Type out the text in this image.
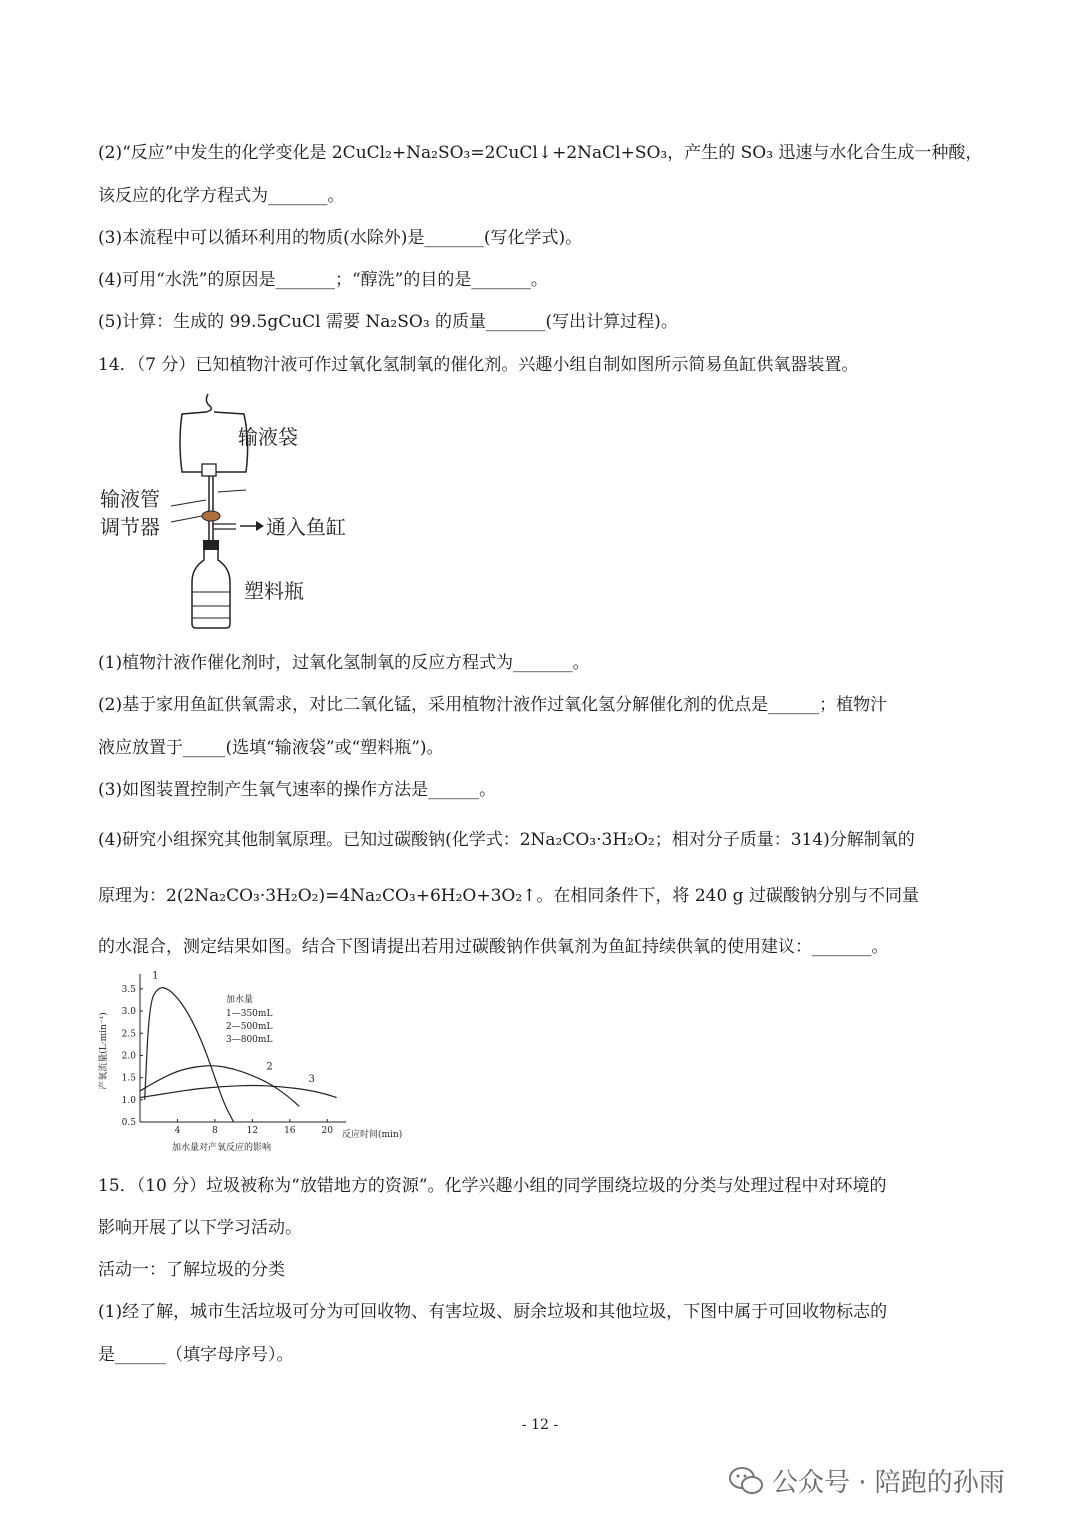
(2)“反应”中发生的化学变化是 2CuCl₂+Na₂SO₃=2CuCl↓+2NaCl+SO₃，产生的 SO₃ 迅速与水化合生成一种酸，
该反应的化学方程式为_______。
(3)本流程中可以循环利用的物质(水除外)是_______(写化学式)。
(4)可用“水洗”的原因是_______；“醇洗”的目的是_______。
(5)计算：生成的 99.5gCuCl 需要 Na₂SO₃ 的质量_______(写出计算过程)。
14．（7 分）已知植物汁液可作过氧化氢制氧的催化剂。兴趣小组自制如图所示简易鱼缸供氧器装置。
输液袋
输液管
调节器	通入鱼缸
塑料瓶
(1)植物汁液作催化剂时，过氧化氢制氧的反应方程式为_______。
(2)基于家用鱼缸供氧需求，对比二氧化锰，采用植物汁液作过氧化氢分解催化剂的优点是______；植物汁
液应放置于_____(选填“输液袋”或“塑料瓶”)。
(3)如图装置控制产生氧气速率的操作方法是______。
(4)研究小组探究其他制氧原理。已知过碳酸钠(化学式：2Na₂CO₃·3H₂O₂；相对分子质量：314)分解制氧的
原理为：2(2Na₂CO₃·3H₂O₂)=4Na₂CO₃+6H₂O+3O₂↑。在相同条件下，将 240 g 过碳酸钠分别与不同量
的水混合，测定结果如图。结合下图请提出若用过碳酸钠作供氧剂为鱼缸持续供氧的使用建议：_______。
4	8	12	16	20
0.5
1.0
1.5
2.0
2.5
3.0
3.5
1
2
3
加水量
1—350mL
2—500mL
3—800mL
反应时间(min)
产氧流量(L·min⁻¹)
加水量对产氧反应的影响
15．（10 分）垃圾被称为“放错地方的资源”。化学兴趣小组的同学围绕垃圾的分类与处理过程中对环境的
影响开展了以下学习活动。
活动一：了解垃圾的分类
(1)经了解，城市生活垃圾可分为可回收物、有害垃圾、厨余垃圾和其他垃圾，下图中属于可回收物标志的
是______（填字母序号）。
- 12 -
公众号 · 陪跑的孙雨
